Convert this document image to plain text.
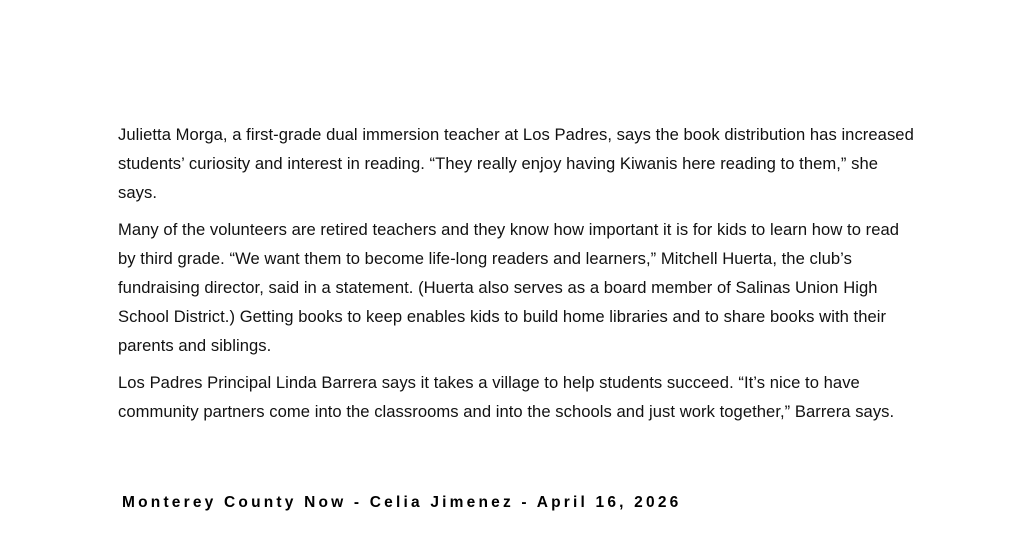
Julietta Morga, a first-grade dual immersion teacher at Los Padres, says the book distribution has increased students’ curiosity and interest in reading. “They really enjoy having Kiwanis here reading to them,” she says.

Many of the volunteers are retired teachers and they know how important it is for kids to learn how to read by third grade. “We want them to become life-long readers and learners,” Mitchell Huerta, the club’s fundraising director, said in a statement. (Huerta also serves as a board member of Salinas Union High School District.) Getting books to keep enables kids to build home libraries and to share books with their parents and siblings.

Los Padres Principal Linda Barrera says it takes a village to help students succeed. “It’s nice to have community partners come into the classrooms and into the schools and just work together,” Barrera says.

Monterey County Now - Celia Jimenez - April 16, 2026
